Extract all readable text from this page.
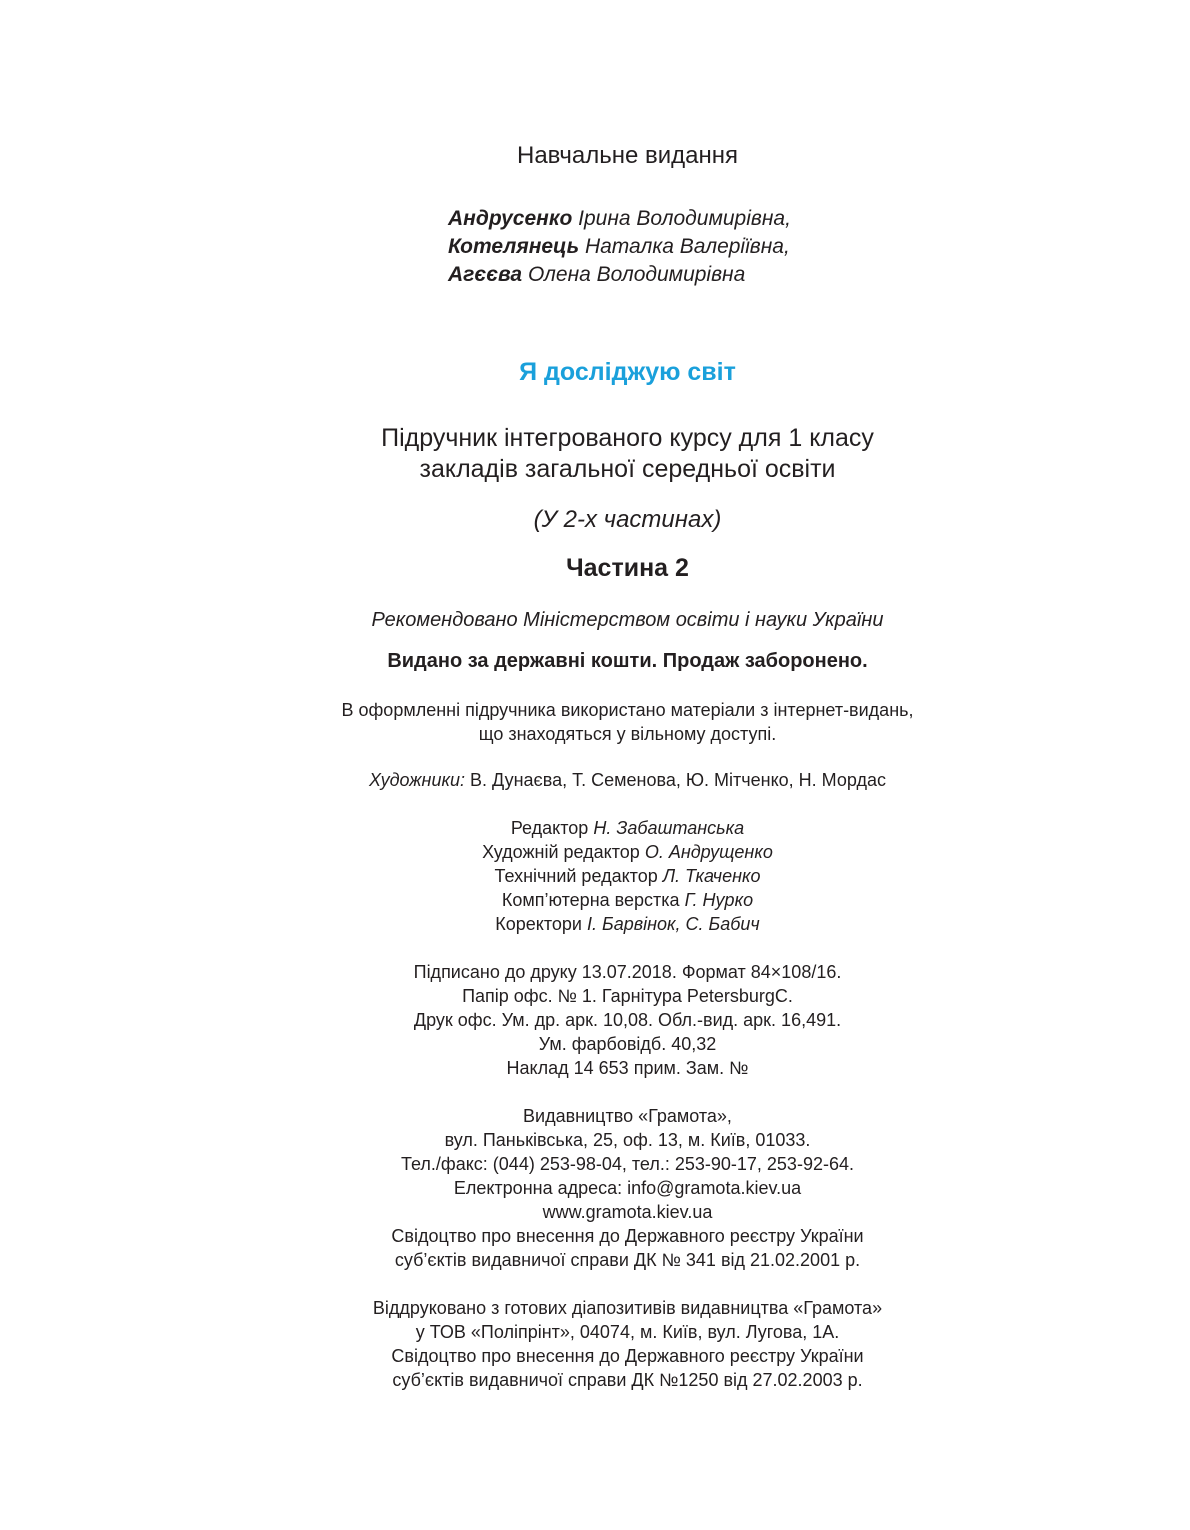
Навчальне видання
Андрусенко Ірина Володимирівна,
Котелянець Наталка Валеріївна,
Агєєва Олена Володимирівна
Я досліджую світ
Підручник інтегрованого курсу для 1 класу
закладів загальної середньої освіти
(У 2-х частинах)
Частина 2
Рекомендовано Міністерством освіти і науки України
Видано за державні кошти. Продаж заборонено.
В оформленні підручника використано матеріали з інтернет-видань,
що знаходяться у вільному доступі.
Художники: В. Дунаєва, Т. Семенова, Ю. Мітченко, Н. Мордас
Редактор Н. Забаштанська
Художній редактор О. Андрущенко
Технічний редактор Л. Ткаченко
Комп’ютерна верстка Г. Нурко
Коректори І. Барвінок, С. Бабич
Підписано до друку 13.07.2018. Формат 84×108/16.
Папір офс. № 1. Гарнітура PetersburgC.
Друк офс. Ум. др. арк. 10,08. Обл.-вид. арк. 16,491.
Ум. фарбовідб. 40,32
Наклад 14 653 прим. Зам. №
Видавництво «Грамота»,
вул. Паньківська, 25, оф. 13, м. Київ, 01033.
Тел./факс: (044) 253-98-04, тел.: 253-90-17, 253-92-64.
Електронна адреса: info@gramota.kiev.ua
www.gramota.kiev.ua
Свідоцтво про внесення до Державного реєстру України
суб’єктів видавничої справи ДК № 341 від 21.02.2001 р.
Віддруковано з готових діапозитивів видавництва «Грамота»
у ТОВ «Поліпрінт», 04074, м. Київ, вул. Лугова, 1А.
Свідоцтво про внесення до Державного реєстру України
суб’єктів видавничої справи ДК №1250 від 27.02.2003 р.
